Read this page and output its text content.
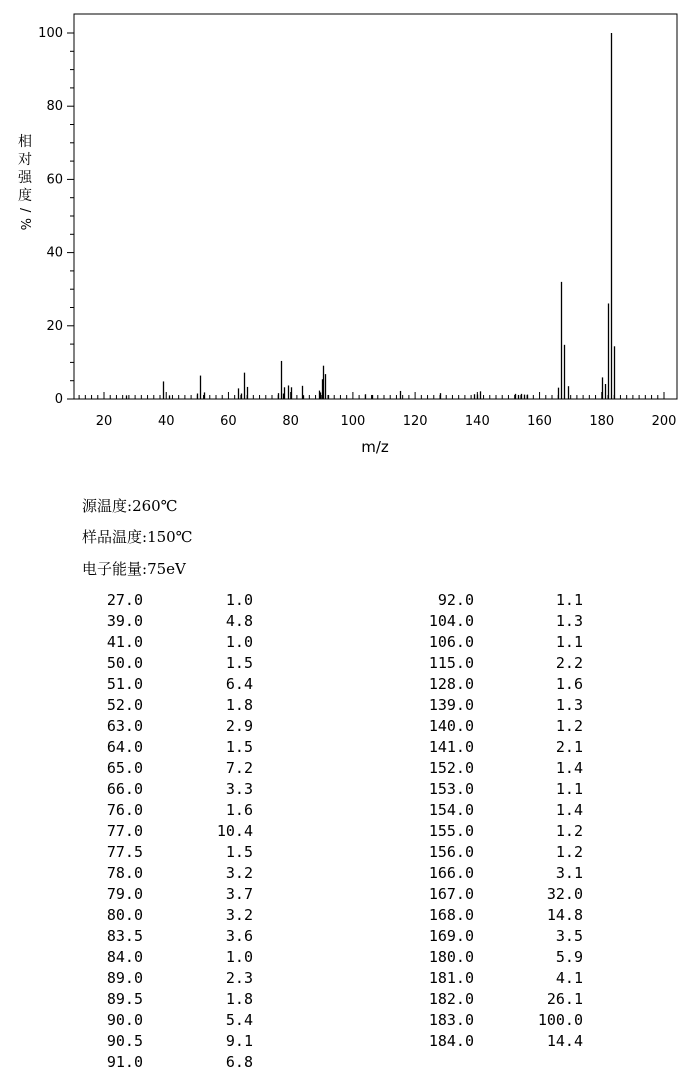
0
20
40
60
80
100
20	40	60	80	100	120	140	160	180	200
m/z
相
对
强
度
/
%
源温度:260℃
样品温度:150℃
电子能量:75eV
27.0	1.0
39.0	4.8
41.0	1.0
50.0	1.5
51.0	6.4
52.0	1.8
63.0	2.9
64.0	1.5
65.0	7.2
66.0	3.3
76.0	1.6
77.0	10.4
77.5	1.5
78.0	3.2
79.0	3.7
80.0	3.2
83.5	3.6
84.0	1.0
89.0	2.3
89.5	1.8
90.0	5.4
90.5	9.1
91.0	6.8
92.0	1.1
104.0	1.3
106.0	1.1
115.0	2.2
128.0	1.6
139.0	1.3
140.0	1.2
141.0	2.1
152.0	1.4
153.0	1.1
154.0	1.4
155.0	1.2
156.0	1.2
166.0	3.1
167.0	32.0
168.0	14.8
169.0	3.5
180.0	5.9
181.0	4.1
182.0	26.1
183.0	100.0
184.0	14.4
